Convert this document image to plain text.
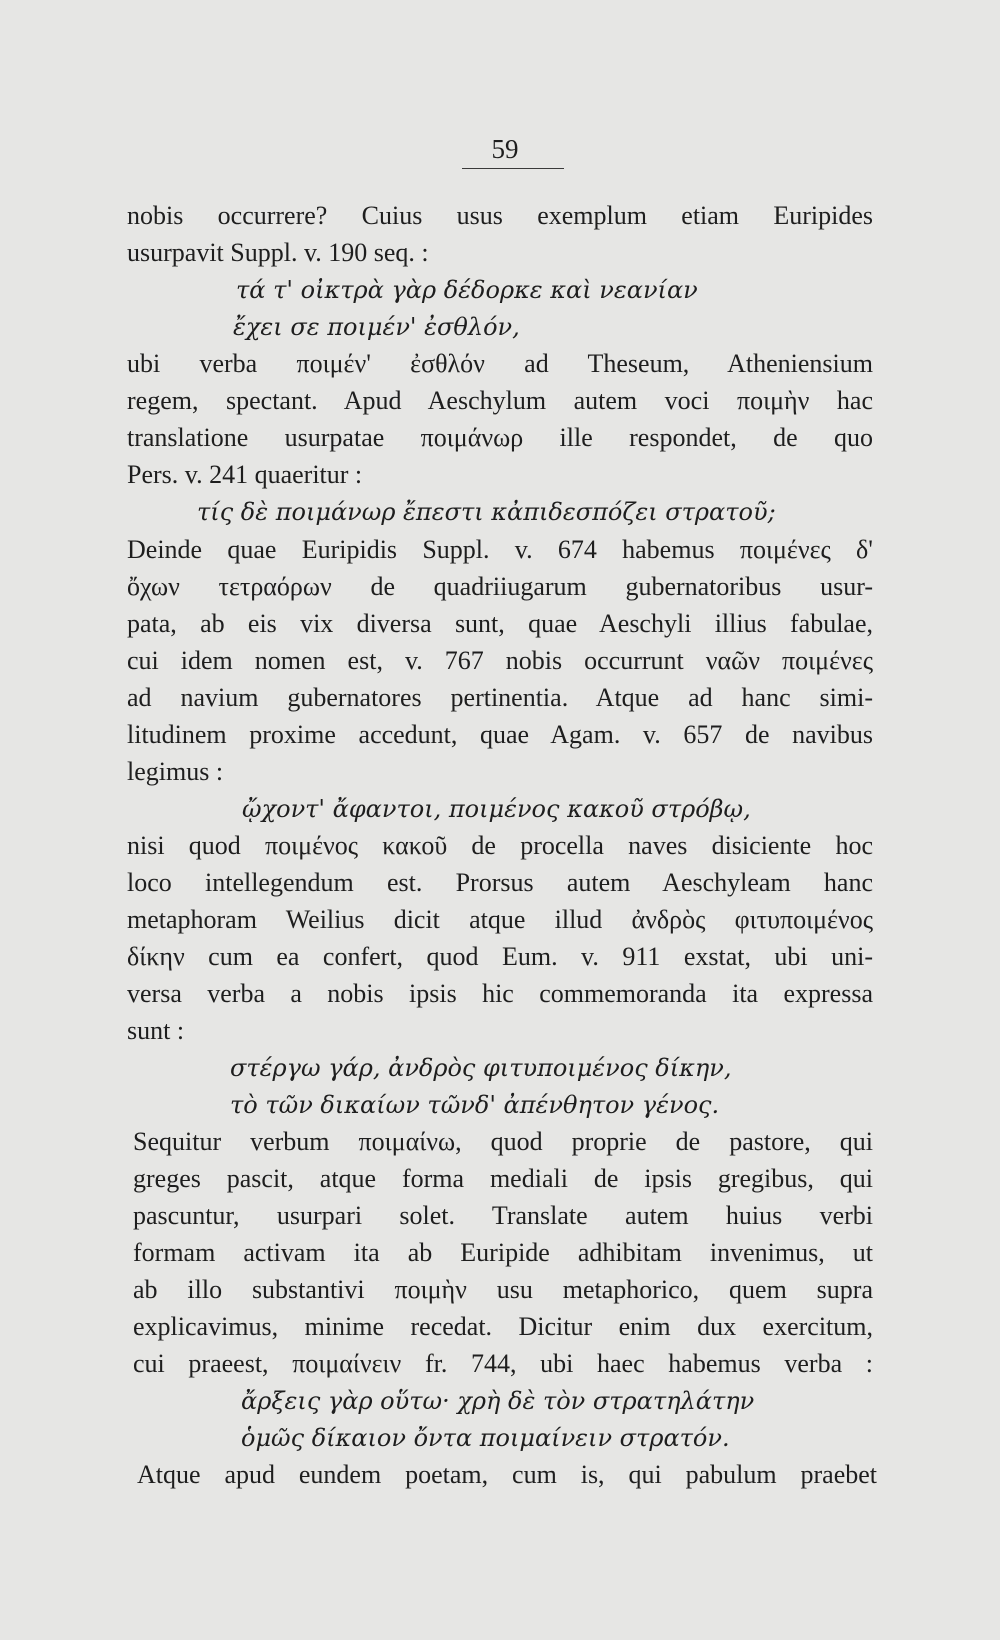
59
nobis occurrere? Cuius usus exemplum etiam Euripides
usurpavit Suppl. v. 190 seq. :
τά τ' οἰκτρὰ γὰρ δέδορκε καὶ νεανίαν
ἔχει σε ποιμέν' ἐσθλόν,
ubi verba ποιμέν' ἐσθλόν ad Theseum, Atheniensium
regem, spectant. Apud Aeschylum autem voci ποιμὴν hac
translatione usurpatae ποιμάνωρ ille respondet, de quo
Pers. v. 241 quaeritur :
τίς δὲ ποιμάνωρ ἔπεστι κἀπιδεσπόζει στρατοῦ;
Deinde quae Euripidis Suppl. v. 674 habemus ποιμένες δ'
ὄχων τετραόρων de quadriiugarum gubernatoribus usur-
pata, ab eis vix diversa sunt, quae Aeschyli illius fabulae,
cui idem nomen est, v. 767 nobis occurrunt ναῶν ποιμένες
ad navium gubernatores pertinentia. Atque ad hanc simi-
litudinem proxime accedunt, quae Agam. v. 657 de navibus
legimus :
ᾤχοντ' ἄφαντοι, ποιμένος κακοῦ στρόβῳ,
nisi quod ποιμένος κακοῦ de procella naves disiciente hoc
loco intellegendum est. Prorsus autem Aeschyleam hanc
metaphoram Weilius dicit atque illud ἀνδρὸς φιτυποιμένος
δίκην cum ea confert, quod Eum. v. 911 exstat, ubi uni-
versa verba a nobis ipsis hic commemoranda ita expressa
sunt :
στέργω γάρ, ἀνδρὸς φιτυποιμένος δίκην,
τὸ τῶν δικαίων τῶνδ' ἀπένθητον γένος.
Sequitur verbum ποιμαίνω, quod proprie de pastore, qui
greges pascit, atque forma mediali de ipsis gregibus, qui
pascuntur, usurpari solet. Translate autem huius verbi
formam activam ita ab Euripide adhibitam invenimus, ut
ab illo substantivi ποιμὴν usu metaphorico, quem supra
explicavimus, minime recedat. Dicitur enim dux exercitum,
cui praeest, ποιμαίνειν fr. 744, ubi haec habemus verba :
ἄρξεις γὰρ οὕτω· χρὴ δὲ τὸν στρατηλάτην
ὁμῶς δίκαιον ὄντα ποιμαίνειν στρατόν.
Atque apud eundem poetam, cum is, qui pabulum praebet
